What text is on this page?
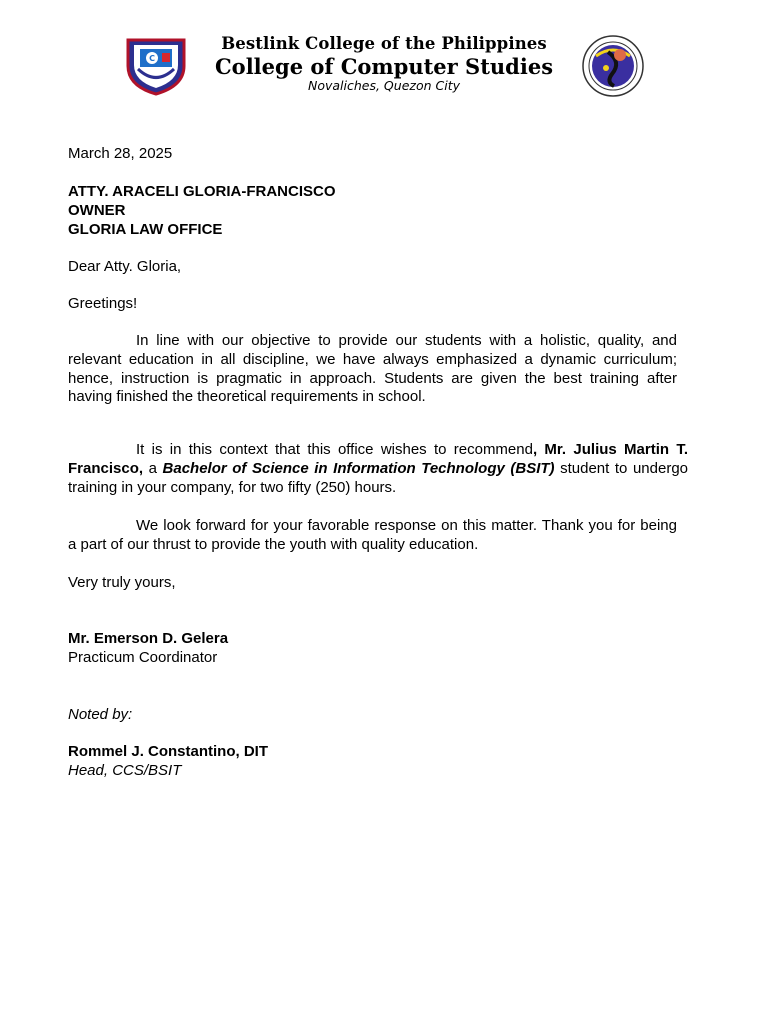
C
Bestlink College of the Philippines
College of Computer Studies
Novaliches, Quezon City
March 28, 2025
ATTY. ARACELI GLORIA-FRANCISCO
OWNER
GLORIA LAW OFFICE
Dear Atty. Gloria,
Greetings!
In line with our objective to provide our students with a holistic, quality, and relevant education in all discipline, we have always emphasized a dynamic curriculum; hence, instruction is pragmatic in approach. Students are given the best training after having finished the theoretical requirements in school.
It is in this context that this office wishes to recommend, Mr. Julius Martin T. Francisco, a Bachelor of Science in Information Technology (BSIT) student to undergo training in your company, for two fifty (250) hours.
We look forward for your favorable response on this matter. Thank you for being a part of our thrust to provide the youth with quality education.
Very truly yours,
Mr. Emerson D. Gelera
Practicum Coordinator
Noted by:
Rommel J. Constantino, DIT
Head, CCS/BSIT
